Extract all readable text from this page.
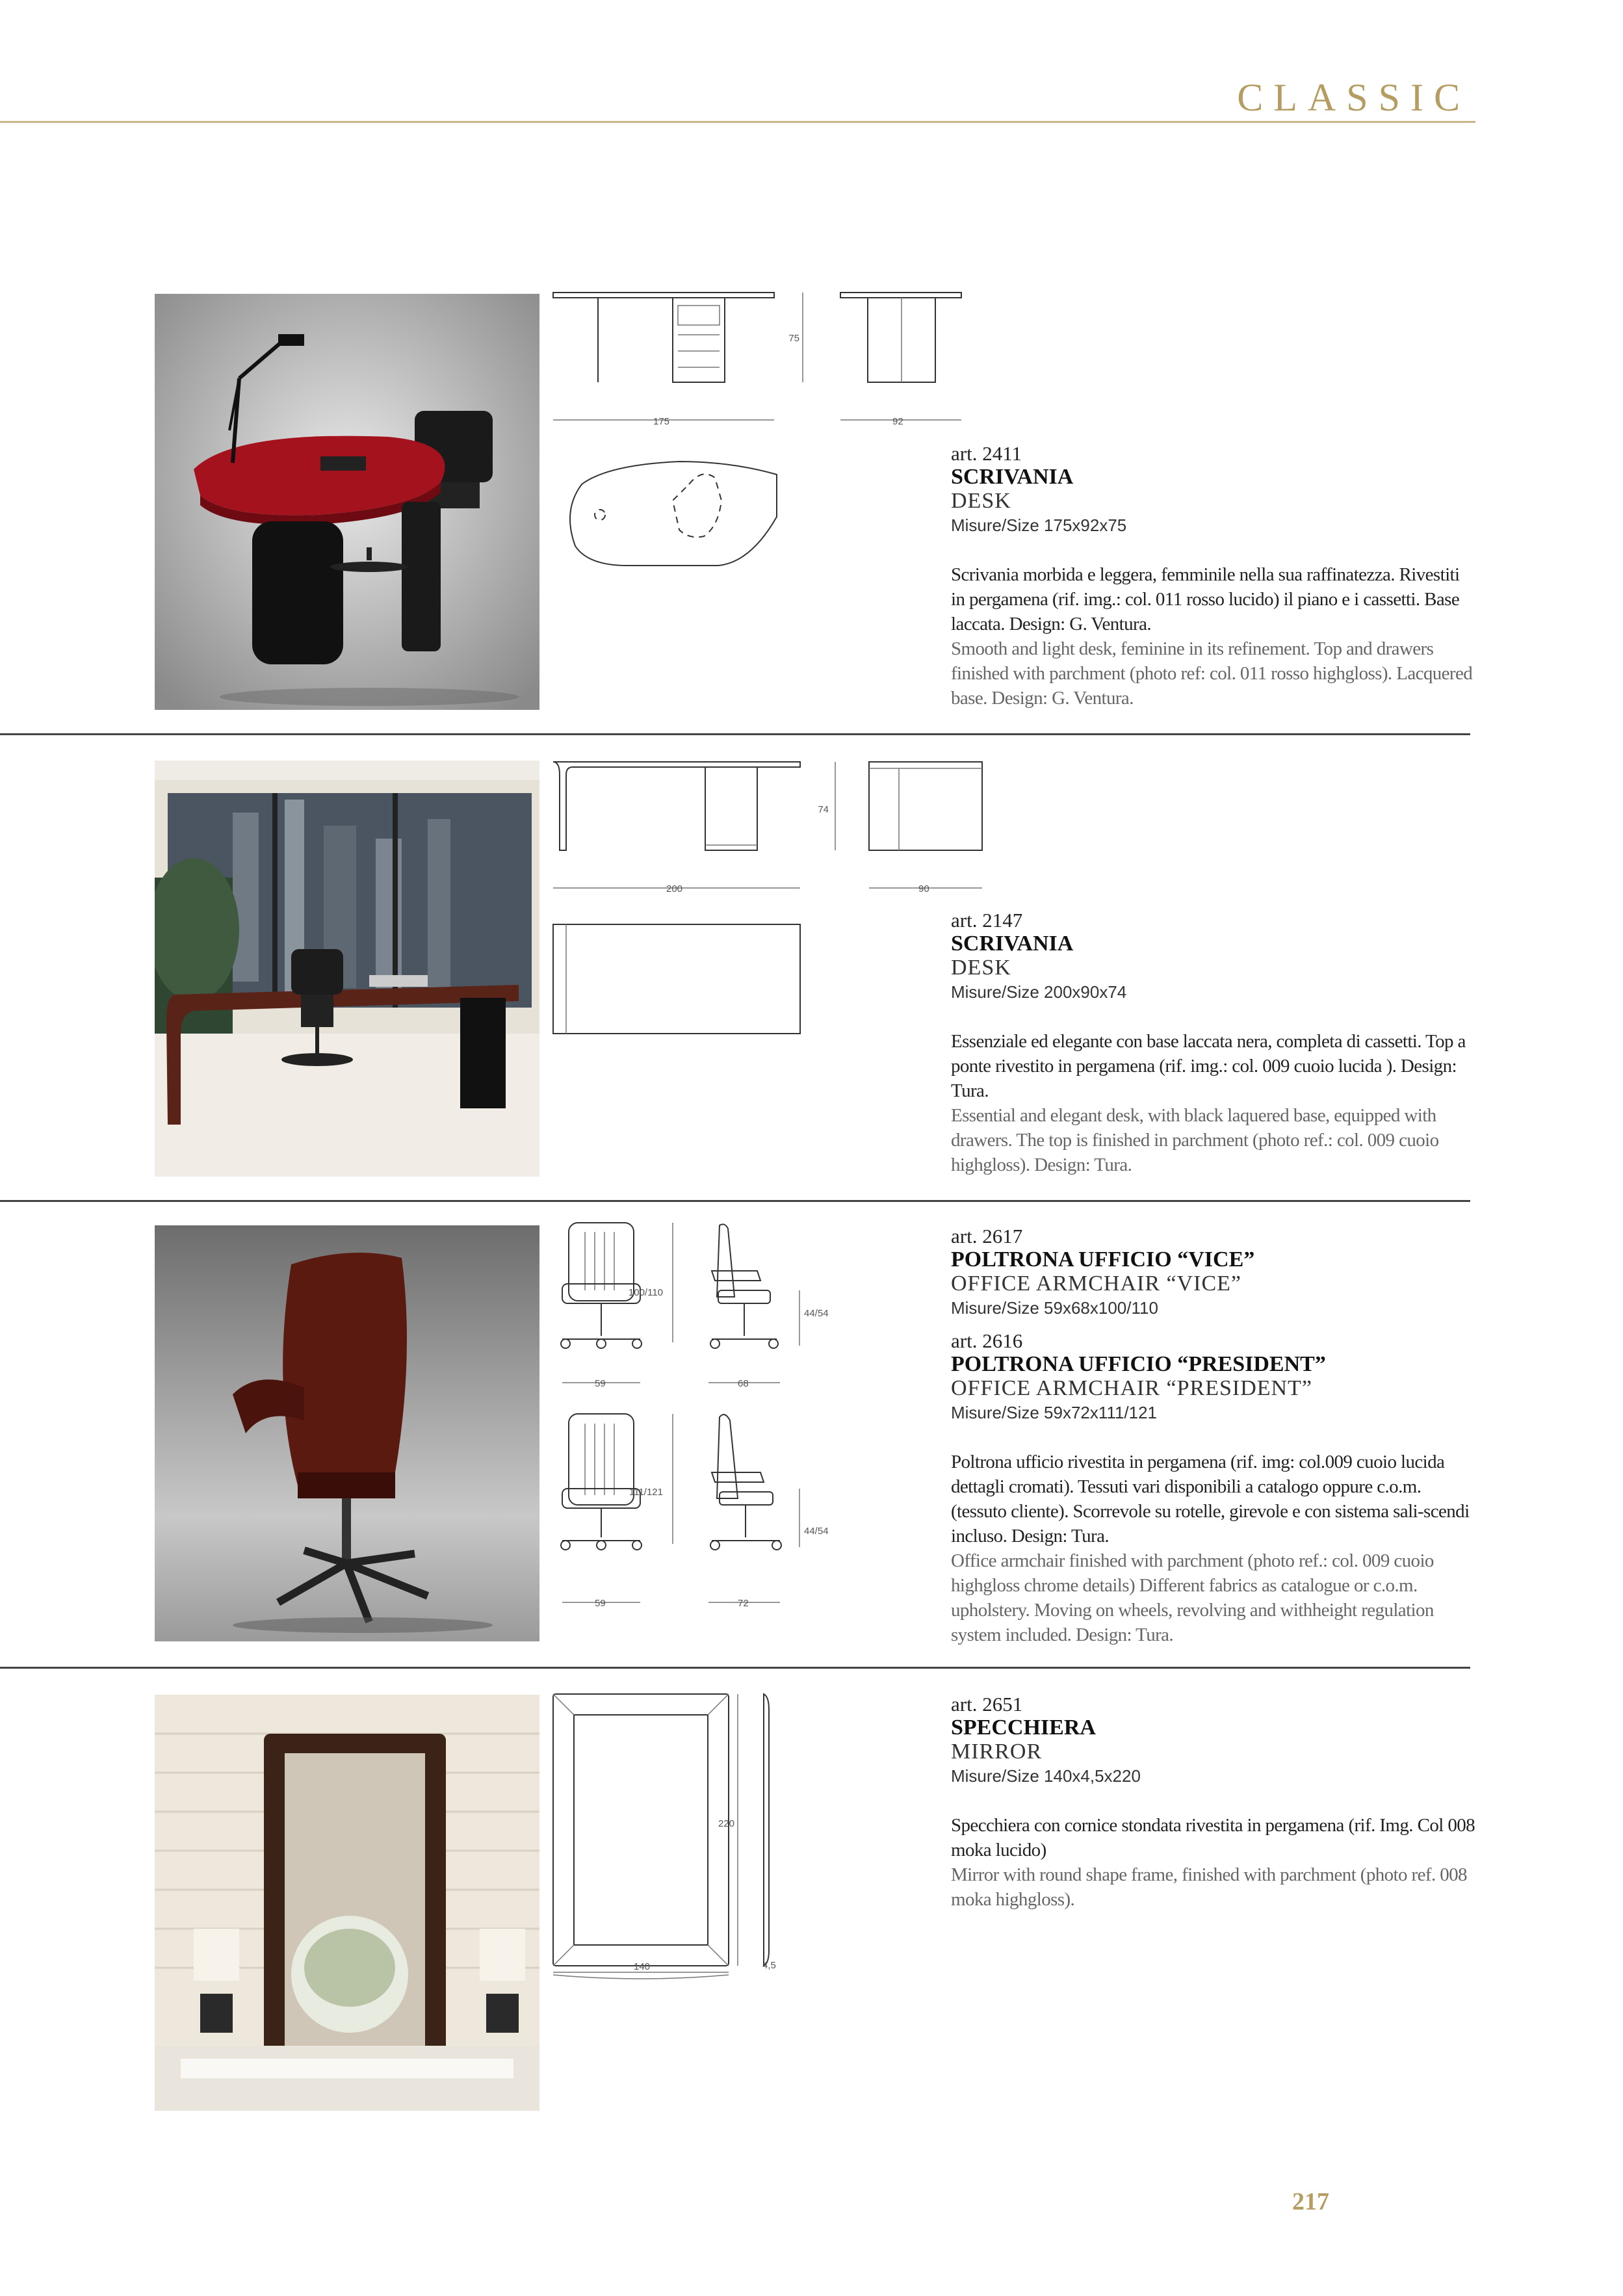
CLASSIC
75
175	92
art. 2411
SCRIVANIA
DESK
Misure/Size 175x92x75
Scrivania morbida e leggera, femminile nella sua raffinatezza. Rivestiti in pergamena (rif. img.: col. 011 rosso lucido) il piano e i cassetti. Base laccata. Design: G. Ventura.
Smooth and light desk, feminine in its refinement. Top and drawers finished with parchment (photo ref: col. 011 rosso highgloss). Lacquered base. Design: G. Ventura.
74
200	90
art. 2147
SCRIVANIA
DESK
Misure/Size 200x90x74
Essenziale ed elegante con base laccata nera, completa di cassetti. Top a ponte rivestito in pergamena (rif. img.: col. 009 cuoio lucida ). Design: Tura.
Essential and elegant desk, with black laquered base, equipped with drawers. The top is finished in parchment (photo ref.: col. 009 cuoio highgloss). Design: Tura.
100/110
44/54
59	68
111/121
44/54
59	72
art. 2617
POLTRONA UFFICIO “VICE”
OFFICE ARMCHAIR “VICE”
Misure/Size 59x68x100/110
art. 2616
POLTRONA UFFICIO “PRESIDENT”
OFFICE ARMCHAIR “PRESIDENT”
Misure/Size 59x72x111/121
Poltrona ufficio rivestita in pergamena (rif. img: col.009 cuoio lucida dettagli cromati). Tessuti vari disponibili a catalogo oppure c.o.m. (tessuto cliente). Scorrevole su rotelle, girevole e con sistema sali-scendi incluso. Design: Tura.
Office armchair finished with parchment (photo ref.: col. 009 cuoio highgloss chrome details) Different fabrics as catalogue or c.o.m. upholstery. Moving on wheels, revolving and withheight regulation system included. Design: Tura.
220
140	4,5
art. 2651
SPECCHIERA
MIRROR
Misure/Size 140x4,5x220
Specchiera con cornice stondata rivestita in pergamena (rif. Img. Col 008 moka lucido)
Mirror with round shape frame, finished with parchment (photo ref. 008 moka highgloss).
217
